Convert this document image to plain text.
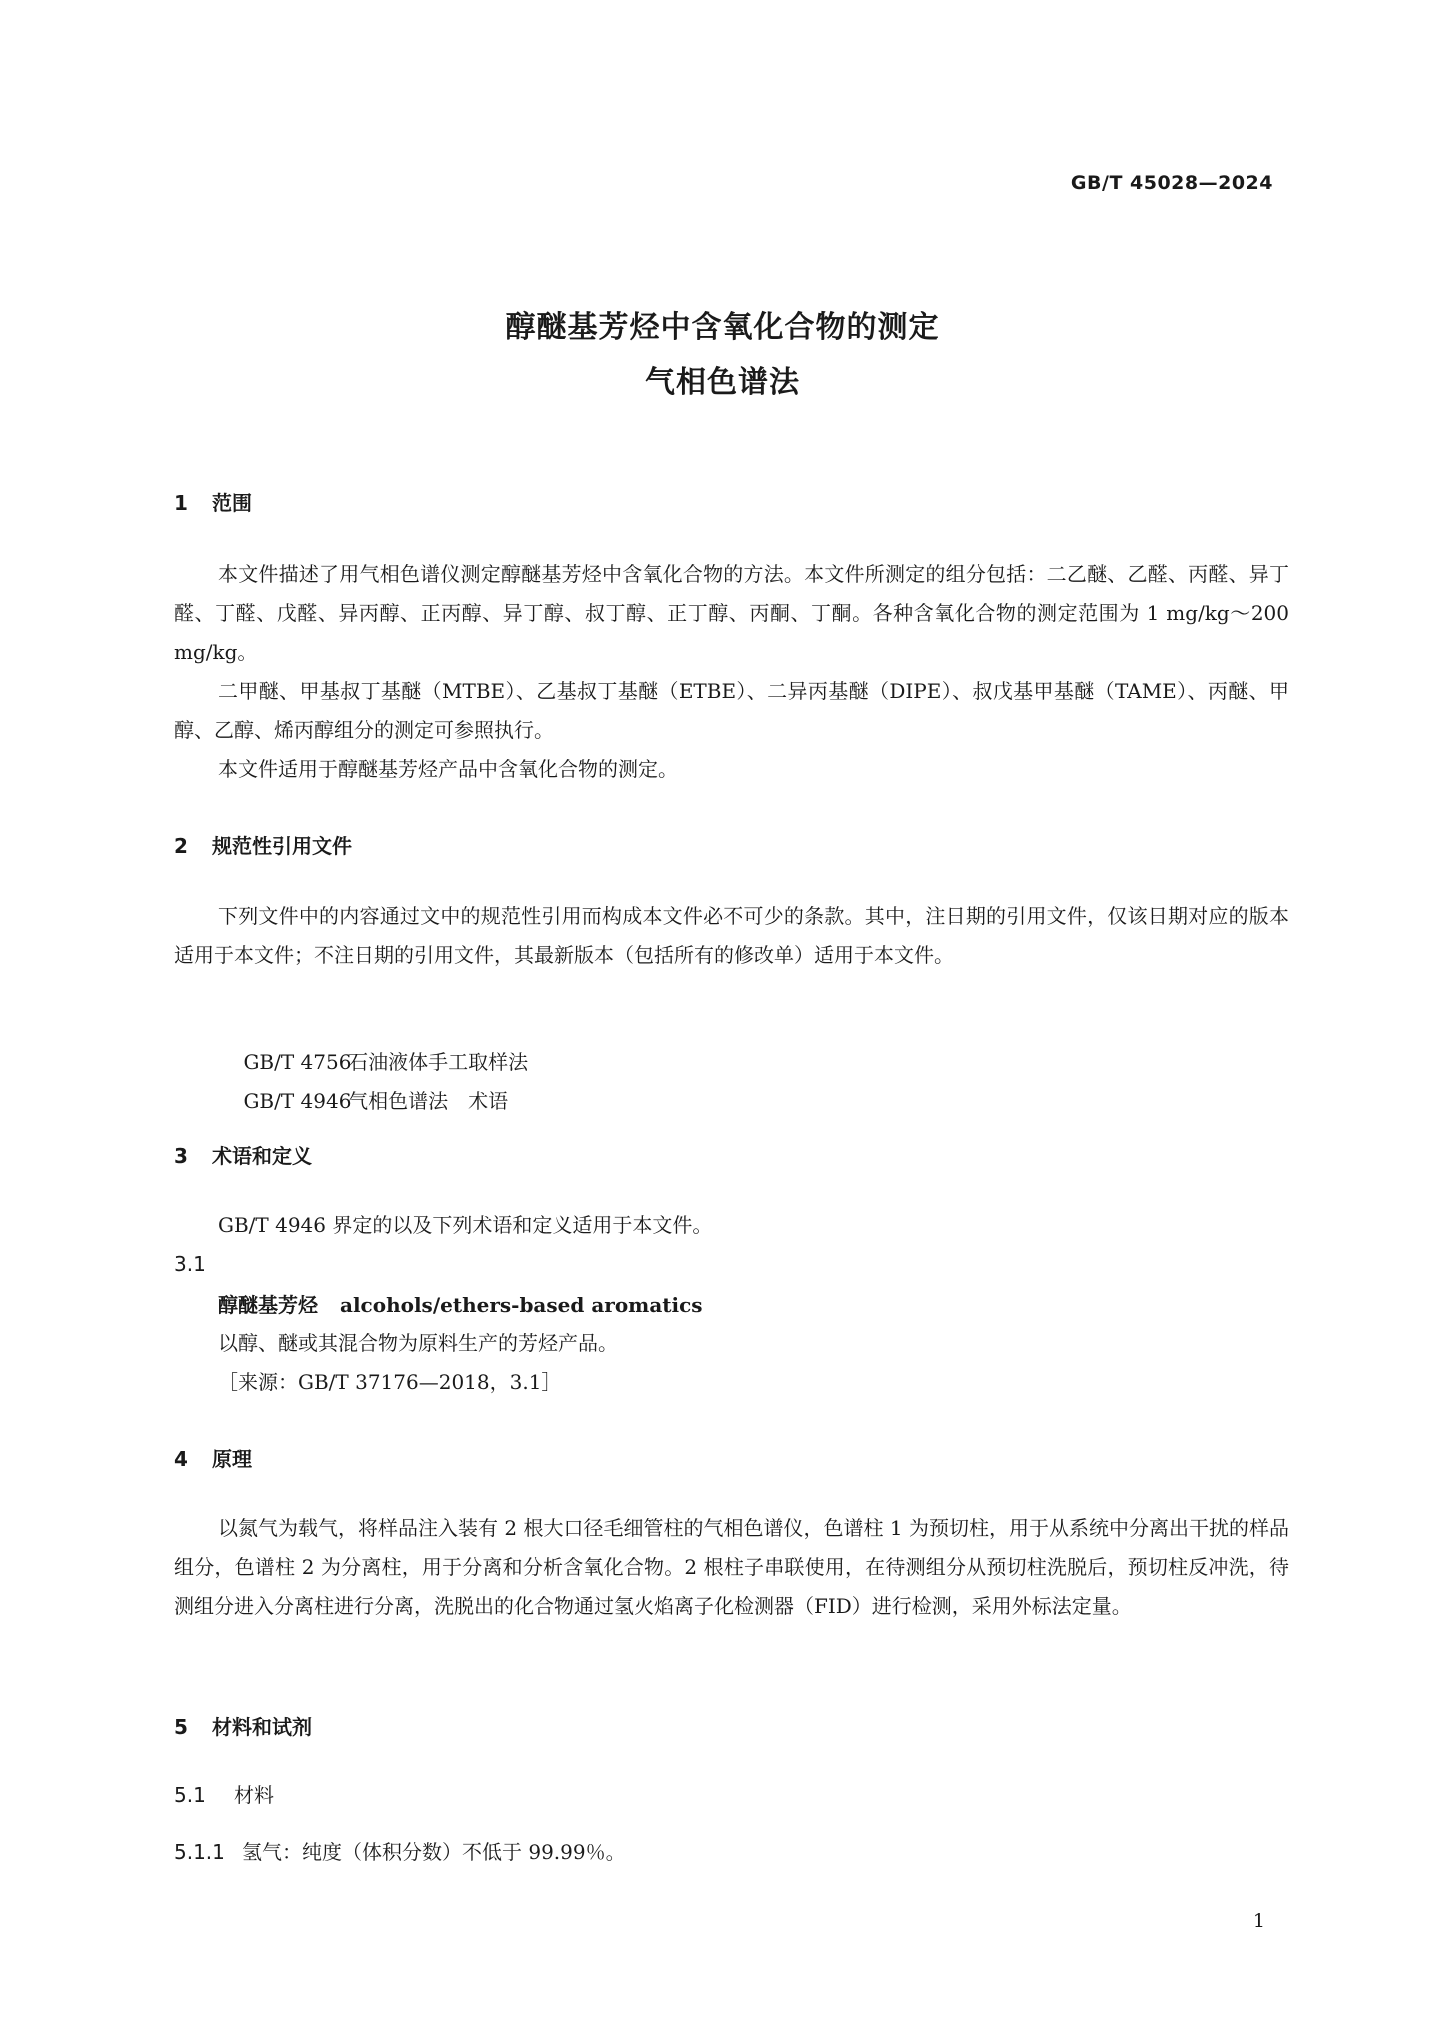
GB/T 45028—2024
醇醚基芳烃中含氧化合物的测定
气相色谱法
1 范围
本文件描述了用气相色谱仪测定醇醚基芳烃中含氧化合物的方法。本文件所测定的组分包括：二乙醚、乙醛、丙醛、异丁醛、丁醛、戊醛、异丙醇、正丙醇、异丁醇、叔丁醇、正丁醇、丙酮、丁酮。各种含氧化合物的测定范围为 1 mg/kg～200 mg/kg。
二甲醚、甲基叔丁基醚（MTBE）、乙基叔丁基醚（ETBE）、二异丙基醚（DIPE）、叔戊基甲基醚（TAME）、丙醚、甲醇、乙醇、烯丙醇组分的测定可参照执行。
本文件适用于醇醚基芳烃产品中含氧化合物的测定。
2 规范性引用文件
下列文件中的内容通过文中的规范性引用而构成本文件必不可少的条款。其中，注日期的引用文件，仅该日期对应的版本适用于本文件；不注日期的引用文件，其最新版本（包括所有的修改单）适用于本文件。

GB/T 4756  石油液体手工取样法

GB/T 4946  气相色谱法　术语

3 术语和定义
GB/T 4946 界定的以及下列术语和定义适用于本文件。
3.1
醇醚基芳烃 alcohols/ethers-based aromatics
以醇、醚或其混合物为原料生产的芳烃产品。
［来源：GB/T 37176—2018，3.1］
4 原理
以氮气为载气，将样品注入装有 2 根大口径毛细管柱的气相色谱仪，色谱柱 1 为预切柱，用于从系统中分离出干扰的样品组分，色谱柱 2 为分离柱，用于分离和分析含氧化合物。2 根柱子串联使用，在待测组分从预切柱洗脱后，预切柱反冲洗，待测组分进入分离柱进行分离，洗脱出的化合物通过氢火焰离子化检测器（FID）进行检测，采用外标法定量。
5 材料和试剂
5.1 材料
5.1.1 氢气：纯度（体积分数）不低于 99.99％。
1
